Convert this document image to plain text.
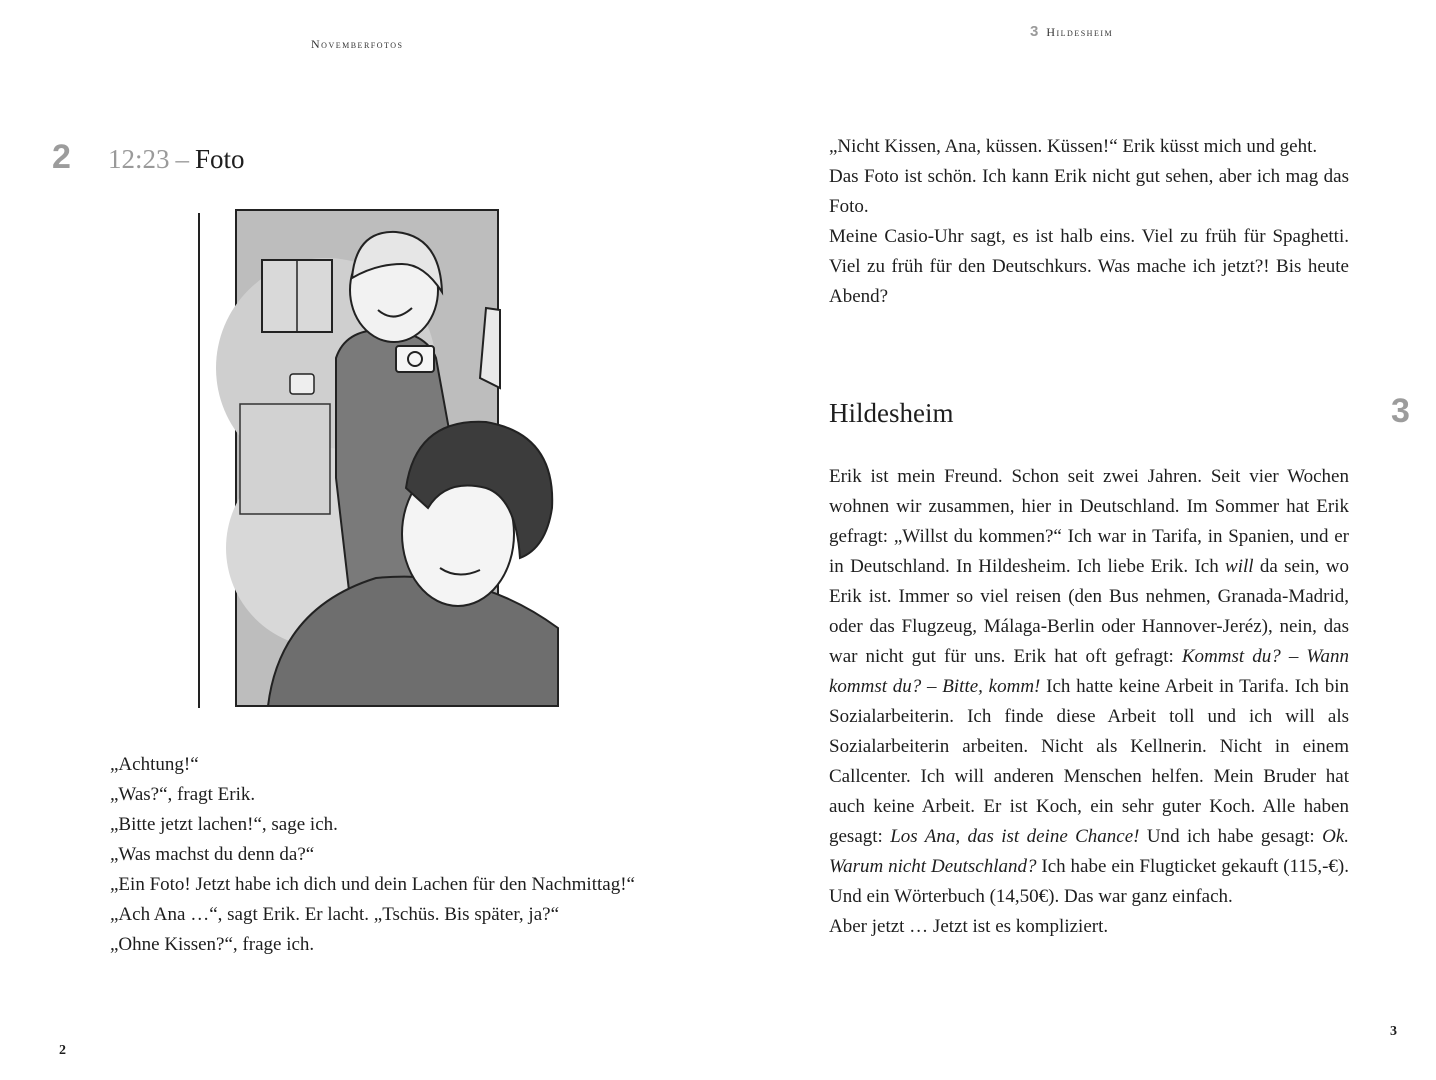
Novemberfotos
2 12:23 – Foto

„Achtung!“

„Was?“, fragt Erik.

„Bitte jetzt lachen!“, sage ich.

„Was machst du denn da?“

„Ein Foto! Jetzt habe ich dich und dein Lachen für den Nachmittag!“

„Ach Ana …“, sagt Erik. Er lacht. „Tschüs. Bis später, ja?“

„Ohne Kissen?“, frage ich.

2
3 Hildesheim

„Nicht Kissen, Ana, küssen. Küssen!“ Erik küsst mich und geht.

Das Foto ist schön. Ich kann Erik nicht gut sehen, aber ich mag das Foto.

Meine Casio-Uhr sagt, es ist halb eins. Viel zu früh für Spaghetti. Viel zu früh für den Deutschkurs. Was mache ich jetzt?! Bis heute Abend?

Hildesheim	3

Erik ist mein Freund. Schon seit zwei Jahren. Seit vier Wochen wohnen wir zusammen, hier in Deutschland. Im Sommer hat Erik gefragt: „Willst du kommen?“ Ich war in Tarifa, in Spanien, und er in Deutschland. In Hildesheim. Ich liebe Erik. Ich will da sein, wo Erik ist. Immer so viel reisen (den Bus nehmen, Granada-Madrid, oder das Flugzeug, Málaga-Berlin oder Hannover-Jeréz), nein, das war nicht gut für uns. Erik hat oft gefragt: Kommst du? – Wann kommst du? – Bitte, komm! Ich hatte keine Arbeit in Tarifa. Ich bin Sozialarbeiterin. Ich finde diese Arbeit toll und ich will als Sozialarbeiterin arbeiten. Nicht als Kellnerin. Nicht in einem Callcenter. Ich will anderen Menschen helfen. Mein Bruder hat auch keine Arbeit. Er ist Koch, ein sehr guter Koch. Alle haben gesagt: Los Ana, das ist deine Chance! Und ich habe gesagt: Ok. Warum nicht Deutschland? Ich habe ein Flugticket gekauft (115,-€). Und ein Wörterbuch (14,50€). Das war ganz einfach.

Aber jetzt … Jetzt ist es kompliziert.

3
